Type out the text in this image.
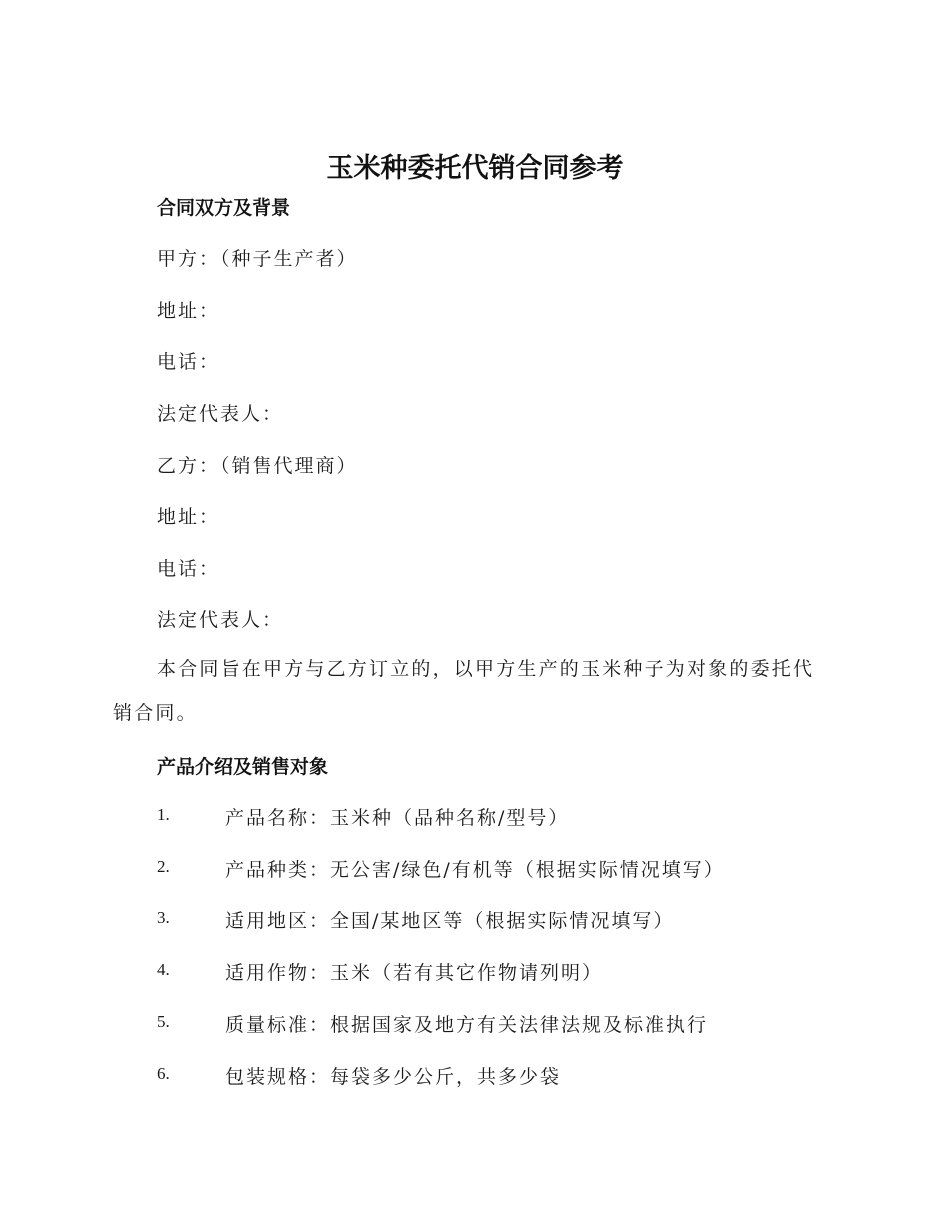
玉米种委托代销合同参考
合同双方及背景

甲方：（种子生产者）

地址：

电话：

法定代表人：

乙方：（销售代理商）

地址：

电话：

法定代表人：

本合同旨在甲方与乙方订立的，以甲方生产的玉米种子为对象的委托代销合同。

产品介绍及销售对象
1.	产品名称：玉米种（品种名称/型号）
2.	产品种类：无公害/绿色/有机等（根据实际情况填写）
3.	适用地区：全国/某地区等（根据实际情况填写）
4.	适用作物：玉米（若有其它作物请列明）
5.	质量标准：根据国家及地方有关法律法规及标准执行
6.	包装规格：每袋多少公斤，共多少袋
